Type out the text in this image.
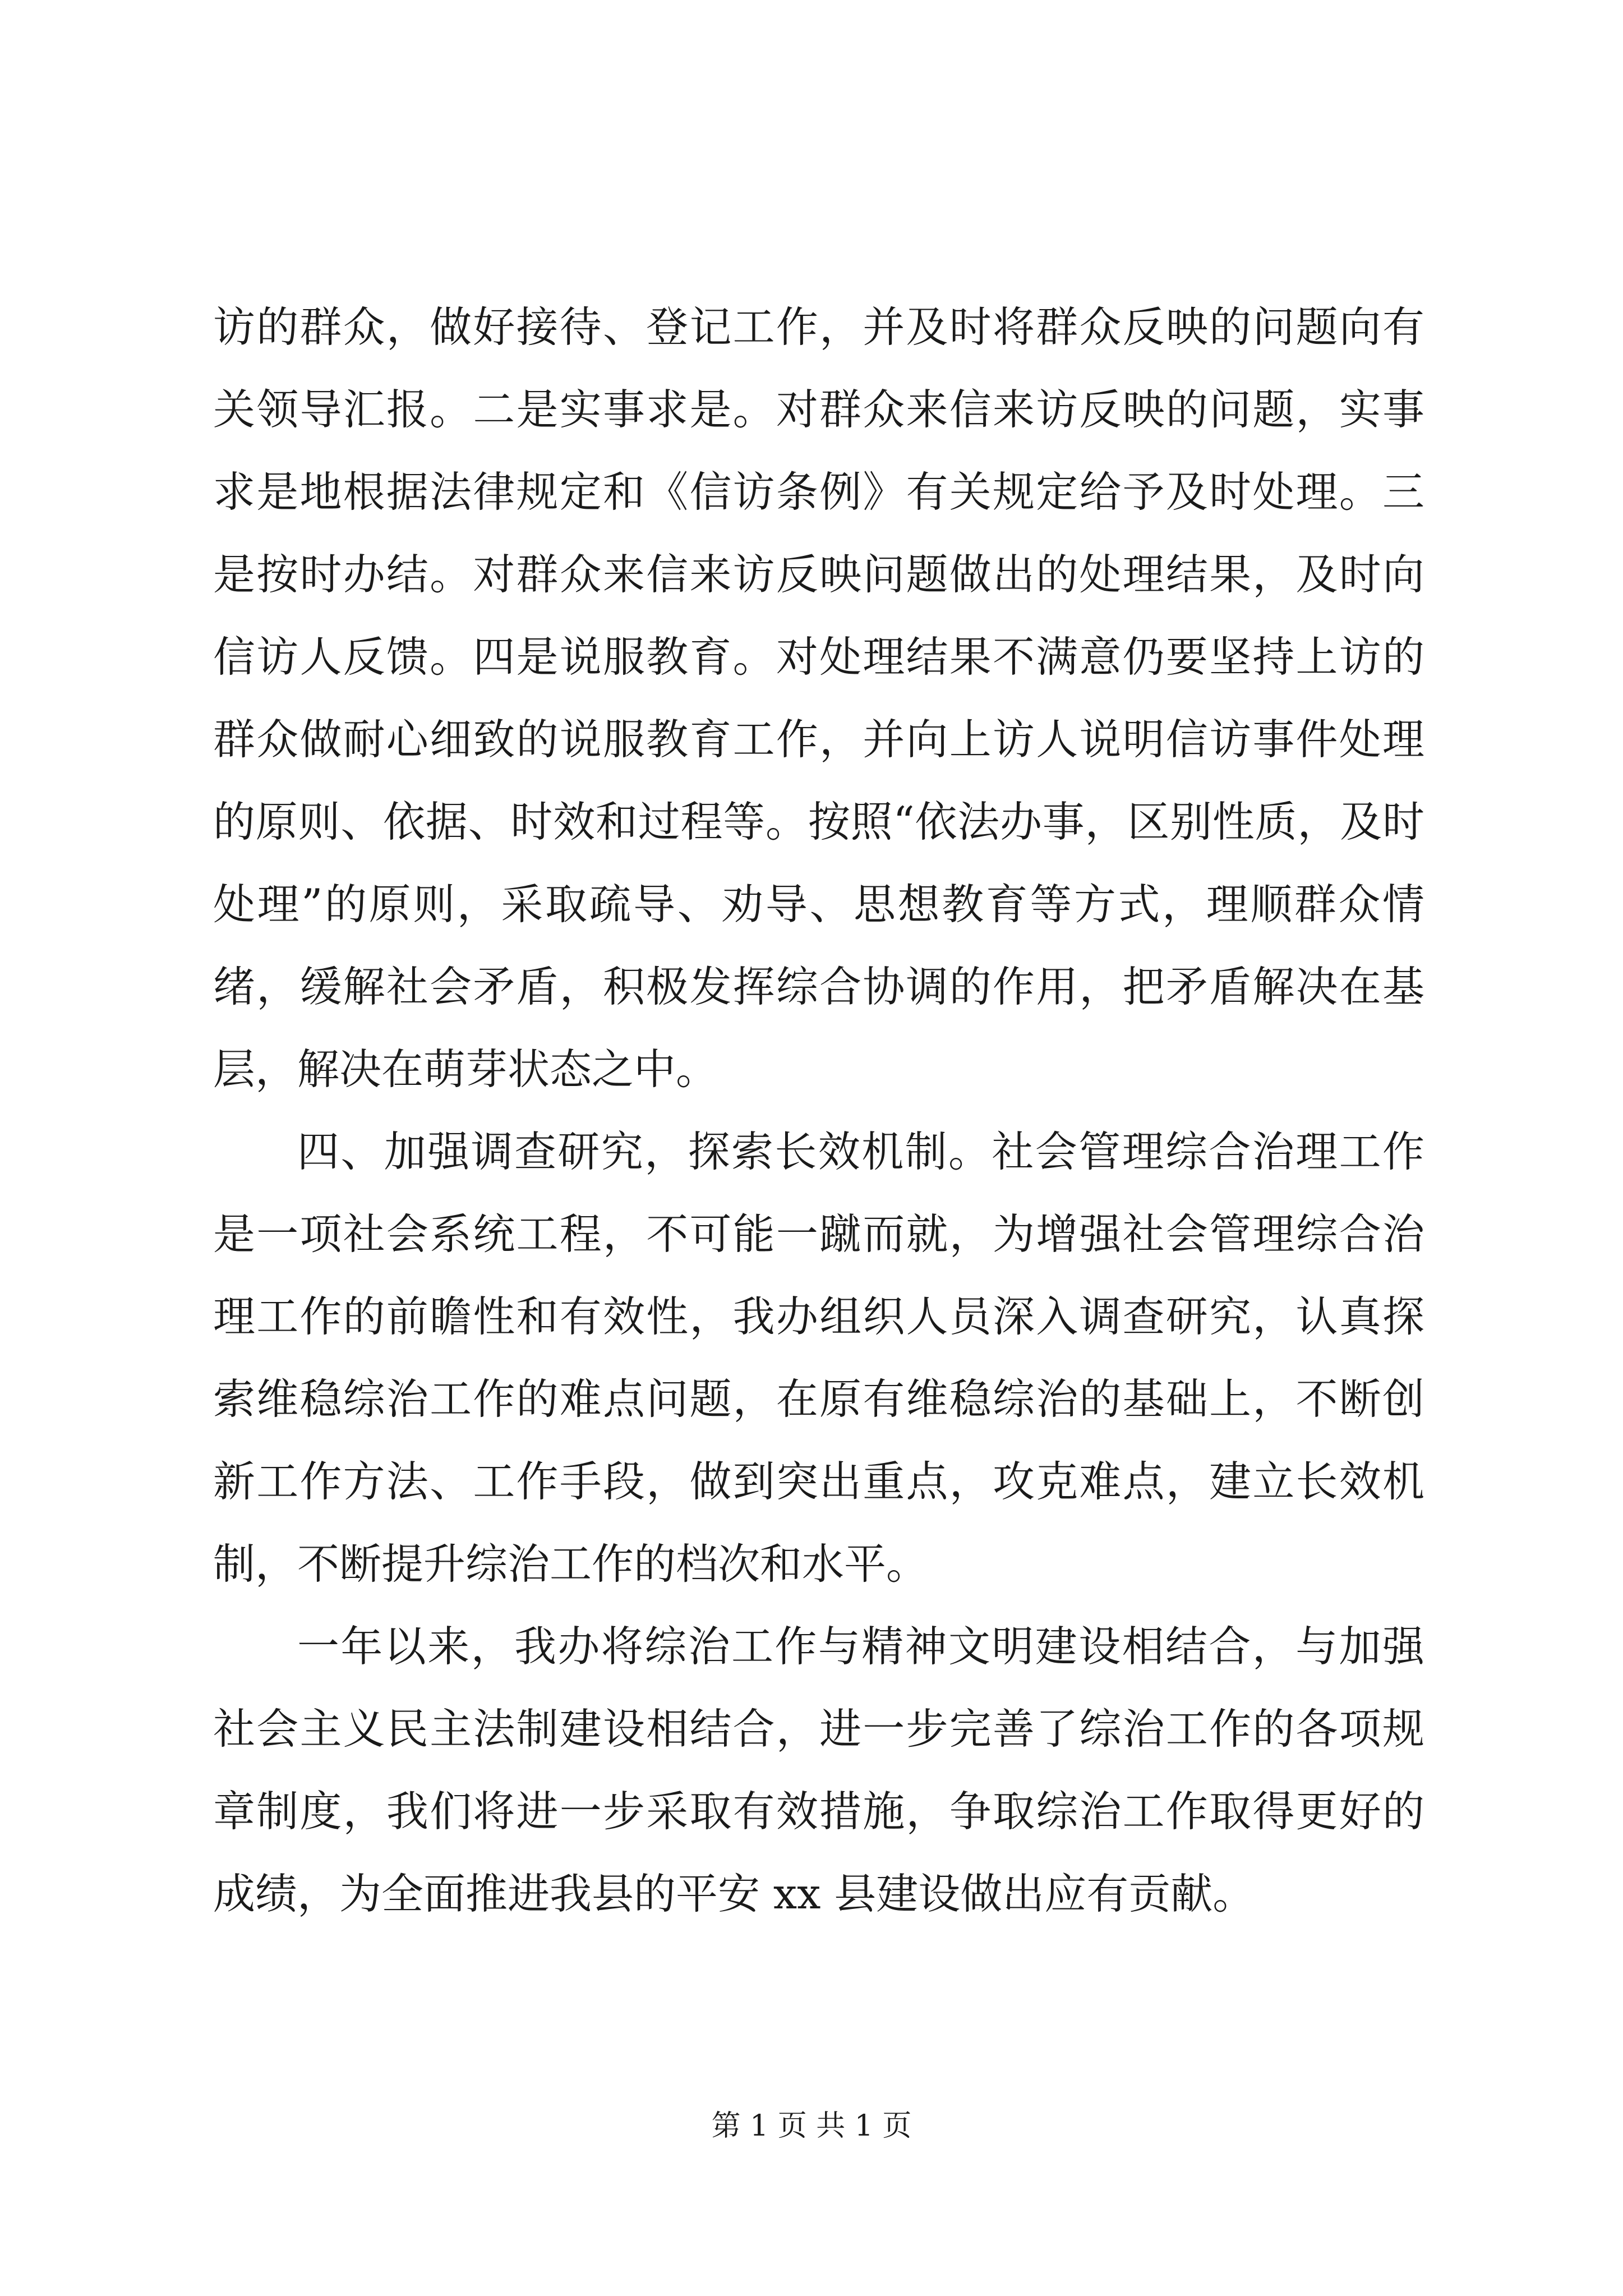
访的群众，做好接待、登记工作，并及时将群众反映的问题向有关领导汇报。二是实事求是。对群众来信来访反映的问题，实事求是地根据法律规定和《信访条例》有关规定给予及时处理。三是按时办结。对群众来信来访反映问题做出的处理结果，及时向信访人反馈。四是说服教育。对处理结果不满意仍要坚持上访的群众做耐心细致的说服教育工作，并向上访人说明信访事件处理的原则、依据、时效和过程等。按照“依法办事，区别性质，及时处理”的原则，采取疏导、劝导、思想教育等方式，理顺群众情绪，缓解社会矛盾，积极发挥综合协调的作用，把矛盾解决在基层，解决在萌芽状态之中。

四、加强调查研究，探索长效机制。社会管理综合治理工作是一项社会系统工程，不可能一蹴而就，为增强社会管理综合治理工作的前瞻性和有效性，我办组织人员深入调查研究，认真探索维稳综治工作的难点问题，在原有维稳综治的基础上，不断创新工作方法、工作手段，做到突出重点，攻克难点，建立长效机制，不断提升综治工作的档次和水平。

一年以来，我办将综治工作与精神文明建设相结合，与加强社会主义民主法制建设相结合，进一步完善了综治工作的各项规章制度，我们将进一步采取有效措施，争取综治工作取得更好的成绩，为全面推进我县的平安 xx 县建设做出应有贡献。

第 1 页 共 1 页
